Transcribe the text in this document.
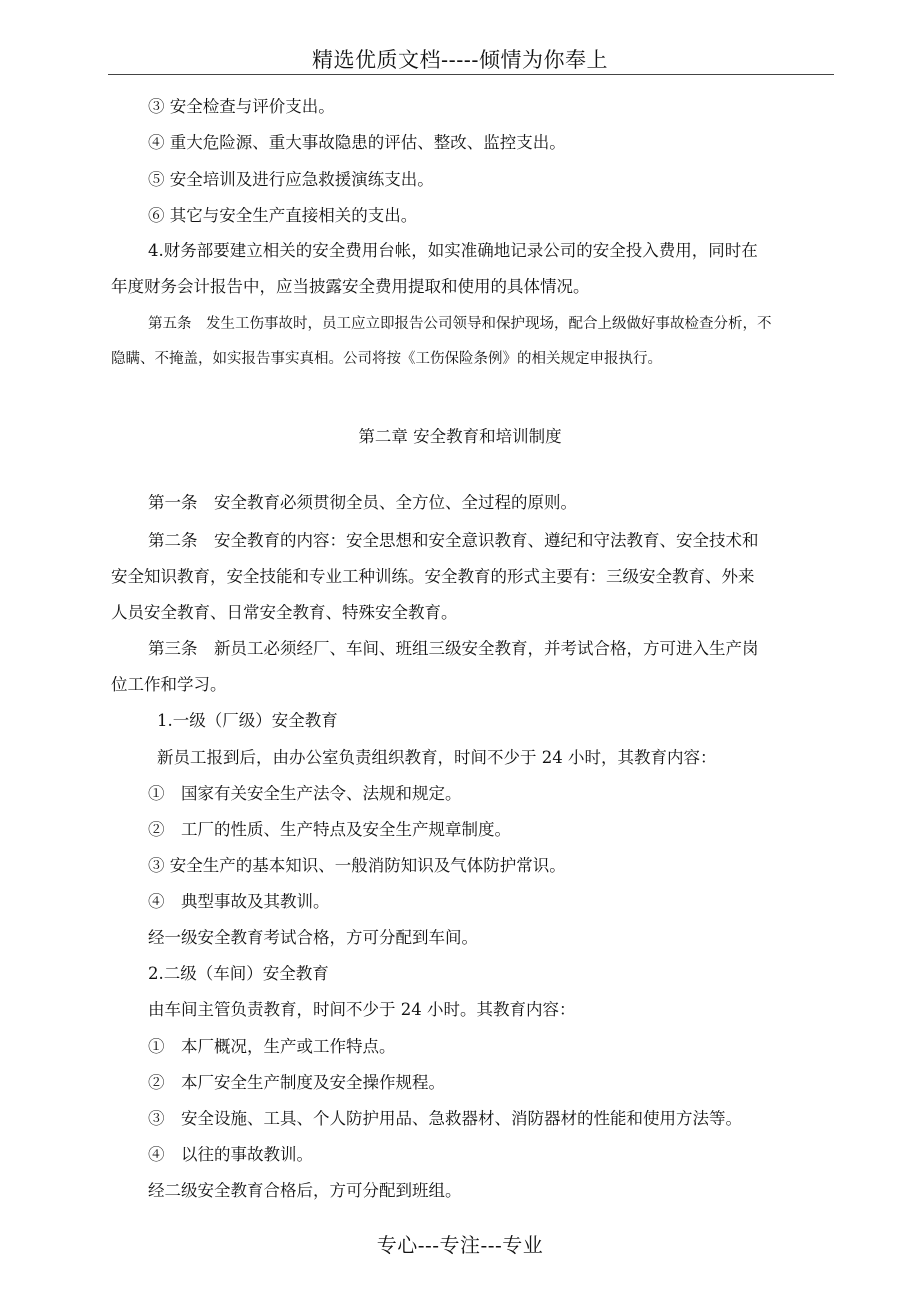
精选优质文档-----倾情为你奉上
③ 安全检查与评价支出。
④ 重大危险源、重大事故隐患的评估、整改、监控支出。
⑤ 安全培训及进行应急救援演练支出。
⑥ 其它与安全生产直接相关的支出。
4.财务部要建立相关的安全费用台帐，如实准确地记录公司的安全投入费用，同时在
年度财务会计报告中，应当披露安全费用提取和使用的具体情况。
第五条　发生工伤事故时，员工应立即报告公司领导和保护现场，配合上级做好事故检查分析，不
隐瞒、不掩盖，如实报告事实真相。公司将按《工伤保险条例》的相关规定申报执行。
第二章 安全教育和培训制度
第一条　安全教育必须贯彻全员、全方位、全过程的原则。
第二条　安全教育的内容：安全思想和安全意识教育、遵纪和守法教育、安全技术和
安全知识教育，安全技能和专业工种训练。安全教育的形式主要有：三级安全教育、外来
人员安全教育、日常安全教育、特殊安全教育。
第三条　新员工必须经厂、车间、班组三级安全教育，并考试合格，方可进入生产岗
位工作和学习。
1.一级（厂级）安全教育
新员工报到后，由办公室负责组织教育，时间不少于 24 小时，其教育内容：
①　国家有关安全生产法令、法规和规定。
②　工厂的性质、生产特点及安全生产规章制度。
③ 安全生产的基本知识、一般消防知识及气体防护常识。
④　典型事故及其教训。
经一级安全教育考试合格，方可分配到车间。
2.二级（车间）安全教育
由车间主管负责教育，时间不少于 24 小时。其教育内容：
①　本厂概况，生产或工作特点。
②　本厂安全生产制度及安全操作规程。
③　安全设施、工具、个人防护用品、急救器材、消防器材的性能和使用方法等。
④　以往的事故教训。
经二级安全教育合格后，方可分配到班组。
专心---专注---专业
